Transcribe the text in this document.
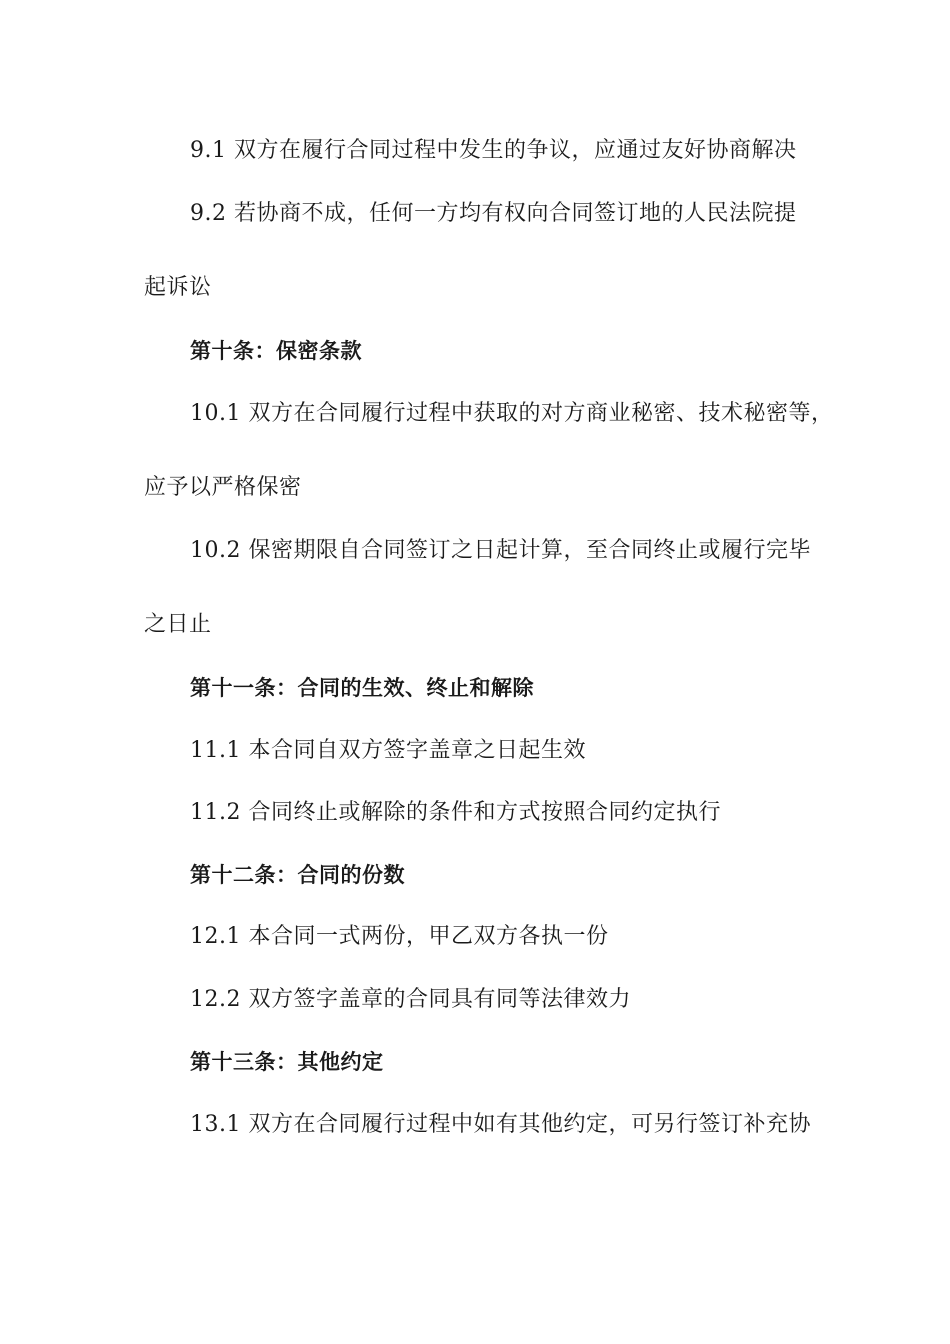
9.1 双方在履行合同过程中发生的争议，应通过友好协商解决
9.2 若协商不成，任何一方均有权向合同签订地的人民法院提
起诉讼
第十条：保密条款
10.1 双方在合同履行过程中获取的对方商业秘密、技术秘密等，
应予以严格保密
10.2 保密期限自合同签订之日起计算，至合同终止或履行完毕
之日止
第十一条：合同的生效、终止和解除
11.1 本合同自双方签字盖章之日起生效
11.2 合同终止或解除的条件和方式按照合同约定执行
第十二条：合同的份数
12.1 本合同一式两份，甲乙双方各执一份
12.2 双方签字盖章的合同具有同等法律效力
第十三条：其他约定
13.1 双方在合同履行过程中如有其他约定，可另行签订补充协
